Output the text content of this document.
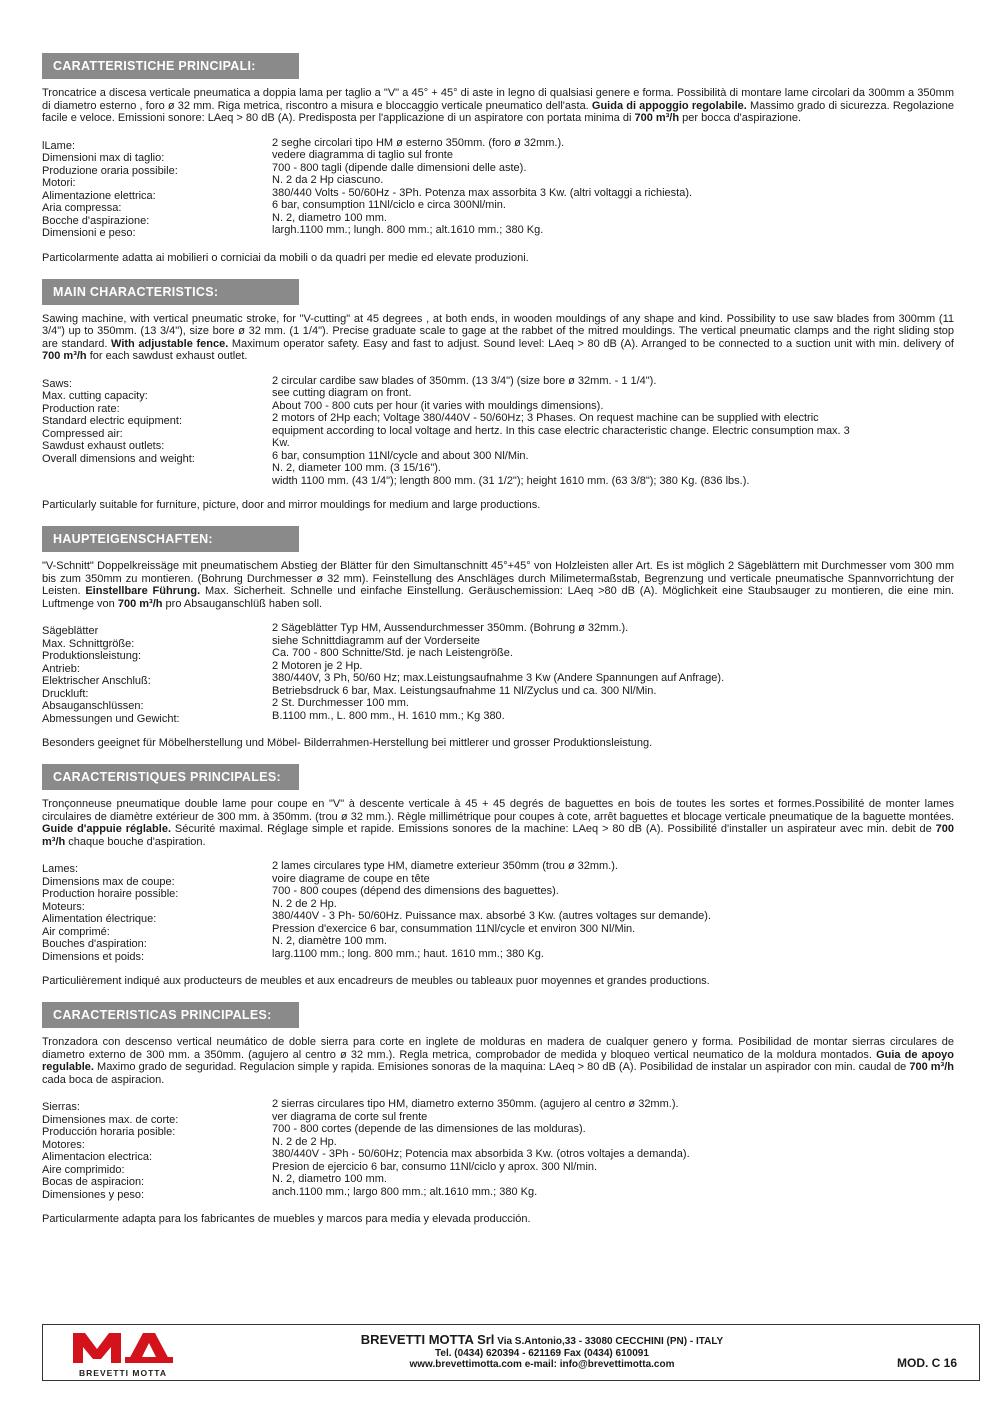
CARATTERISTICHE PRINCIPALI:

Troncatrice a discesa verticale pneumatica a doppia lama per taglio a "V" a 45° + 45° di aste in legno di qualsiasi genere e forma. Possibilità di montare lame circolari da 300mm a 350mm di diametro esterno , foro ø 32 mm. Riga metrica, riscontro a misura e bloccaggio verticale pneumatico dell'asta. Guida di appoggio regolabile. Massimo grado di sicurezza. Regolazione facile e veloce. Emissioni sonore: LAeq > 80 dB (A). Predisposta per l'applicazione di un aspiratore con portata minima di 700 m³/h per bocca d'aspirazione.

lLame:
Dimensioni max di taglio:
Produzione oraria possibile:
Motori:
Alimentazione elettrica:
Aria compressa:
Bocche d'aspirazione:
Dimensioni e peso:
2 seghe circolari tipo HM ø esterno 350mm. (foro ø 32mm.).
vedere diagramma di taglio sul fronte
700 - 800 tagli (dipende dalle dimensioni delle aste).
N. 2 da 2 Hp ciascuno.
380/440 Volts - 50/60Hz - 3Ph. Potenza max assorbita 3 Kw. (altri voltaggi a richiesta).
6 bar, consumption 11Nl/ciclo e circa 300Nl/min.
N. 2, diametro 100 mm.
largh.1100 mm.; lungh. 800 mm.; alt.1610 mm.; 380 Kg.

Particolarmente adatta ai mobilieri o corniciai da mobili o da quadri per medie ed elevate produzioni.

MAIN CHARACTERISTICS:

Sawing machine, with vertical pneumatic stroke, for "V-cutting" at 45 degrees , at both ends, in wooden mouldings of any shape and kind. Possibility to use saw blades from 300mm (11 3/4") up to 350mm. (13 3/4"), size bore ø 32 mm. (1 1/4"). Precise graduate scale to gage at the rabbet of the mitred mouldings. The vertical pneumatic clamps and the right sliding stop are standard. With adjustable fence. Maximum operator safety. Easy and fast to adjust. Sound level: LAeq > 80 dB (A). Arranged to be connected to a suction unit with min. delivery of 700 m³/h for each sawdust exhaust outlet.

Saws:
Max. cutting capacity:
Production rate:
Standard electric equipment:
Compressed air:
Sawdust exhaust outlets:
Overall dimensions and weight:
2 circular cardibe saw blades of 350mm. (13 3/4") (size bore ø 32mm. - 1 1/4").
see cutting diagram on front.
About 700 - 800 cuts per hour (it varies with mouldings dimensions).
2 motors of 2Hp each; Voltage 380/440V - 50/60Hz; 3 Phases. On request machine can be supplied with electric
equipment according to local voltage and hertz. In this case electric characteristic change. Electric consumption max. 3
Kw.
6 bar, consumption 11Nl/cycle and about 300 Nl/Min.
N. 2, diameter 100 mm. (3 15/16").
width 1100 mm. (43 1/4"); length 800 mm. (31 1/2"); height 1610 mm. (63 3/8"); 380 Kg. (836 lbs.).

Particularly suitable for furniture, picture, door and mirror mouldings for medium and large productions.

HAUPTEIGENSCHAFTEN:

"V-Schnitt" Doppelkreissäge mit pneumatischem Abstieg der Blätter für den Simultanschnitt 45°+45° von Holzleisten aller Art. Es ist möglich 2 Sägeblättern mit Durchmesser vom 300 mm bis zum 350mm zu montieren. (Bohrung Durchmesser ø 32 mm). Feinstellung des Anschläges durch Milimetermaßstab, Begrenzung und verticale pneumatische Spannvorrichtung der Leisten. Einstellbare Führung. Max. Sicherheit. Schnelle und einfache Einstellung. Geräuschemission: LAeq >80 dB (A). Möglichkeit eine Staubsauger zu montieren, die eine min. Luftmenge von 700 m³/h pro Absauganschlüß haben soll.

Sägeblätter
Max. Schnittgröße:
Produktionsleistung:
Antrieb:
Elektrischer Anschluß:
Druckluft:
Absauganschlüssen:
Abmessungen und Gewicht:
2 Sägeblätter Typ HM, Aussendurchmesser 350mm. (Bohrung ø 32mm.).
siehe Schnittdiagramm auf der Vorderseite
Ca. 700 - 800 Schnitte/Std. je nach Leistengröße.
2 Motoren je 2 Hp.
380/440V, 3 Ph, 50/60 Hz; max.Leistungsaufnahme 3 Kw (Andere Spannungen auf Anfrage).
Betriebsdruck 6 bar, Max. Leistungsaufnahme 11 Nl/Zyclus und ca. 300 Nl/Min.
2 St. Durchmesser 100 mm.
B.1100 mm., L. 800 mm., H. 1610 mm.; Kg 380.

Besonders geeignet für Möbelherstellung und Möbel- Bilderrahmen-Herstellung bei mittlerer und grosser Produktionsleistung.

CARACTERISTIQUES PRINCIPALES:

Tronçonneuse pneumatique double lame pour coupe en "V" à descente verticale à 45 + 45 degrés de baguettes en bois de toutes les sortes et formes.Possibilité de monter lames circulaires de diamètre extérieur de 300 mm. à 350mm. (trou ø 32 mm.). Règle millimétrique pour coupes à cote, arrêt baguettes et blocage verticale pneumatique de la baguette montées. Guide d'appuie réglable. Sécurité maximal. Réglage simple et rapide. Emissions sonores de la machine: LAeq > 80 dB (A). Possibilité d'installer un aspirateur avec min. debit de 700 m³/h chaque bouche d'aspiration.

Lames:
Dimensions max de coupe:
Production horaire possible:
Moteurs:
Alimentation électrique:
Air comprimé:
Bouches d'aspiration:
Dimensions et poids:
2 lames circulares type HM, diametre exterieur 350mm (trou ø 32mm.).
voire diagrame de coupe en tête
700 - 800 coupes (dépend des dimensions des baguettes).
N. 2 de 2 Hp.
380/440V - 3 Ph- 50/60Hz. Puissance max. absorbé 3 Kw. (autres voltages sur demande).
Pression d'exercice 6 bar, consummation 11Nl/cycle et environ 300 Nl/Min.
N. 2, diamètre 100 mm.
larg.1100 mm.; long. 800 mm.; haut. 1610 mm.; 380 Kg.

Particulièrement indiqué aux producteurs de meubles et aux encadreurs de meubles ou tableaux puor moyennes et grandes productions.

CARACTERISTICAS PRINCIPALES:

Tronzadora con descenso vertical neumático de doble sierra para corte en inglete de molduras en madera de cualquer genero y forma. Posibilidad de montar sierras circulares de diametro externo de 300 mm. a 350mm. (agujero al centro ø 32 mm.). Regla metrica, comprobador de medida y bloqueo vertical neumatico de la moldura montados. Guia de apoyo regulable. Maximo grado de seguridad. Regulacion simple y rapida. Emisiones sonoras de la maquina: LAeq > 80 dB (A). Posibilidad de instalar un aspirador con min. caudal de 700 m³/h cada boca de aspiracion.

Sierras:
Dimensiones max. de corte:
Producción horaria posible:
Motores:
Alimentacion electrica:
Aire comprimido:
Bocas de aspiracion:
Dimensiones y peso:
2 sierras circulares tipo HM, diametro externo 350mm. (agujero al centro ø 32mm.).
ver diagrama de corte sul frente
700 - 800 cortes (depende de las dimensiones de las molduras).
N. 2 de 2 Hp.
380/440V - 3Ph - 50/60Hz; Potencia max absorbida 3 Kw. (otros voltajes a demanda).
Presion de ejercicio 6 bar, consumo 11Nl/ciclo y aprox. 300 Nl/min.
N. 2, diametro 100 mm.
anch.1100 mm.; largo 800 mm.; alt.1610 mm.; 380 Kg.

Particularmente adapta para los fabricantes de muebles y marcos para media y elevada producción.

BREVETTI MOTTA
BREVETTI MOTTA Srl Via S.Antonio,33 - 33080 CECCHINI (PN) - ITALY
Tel. (0434) 620394 - 621169 Fax (0434) 610091
www.brevettimotta.com e-mail: info@brevettimotta.com	MOD. C 16
